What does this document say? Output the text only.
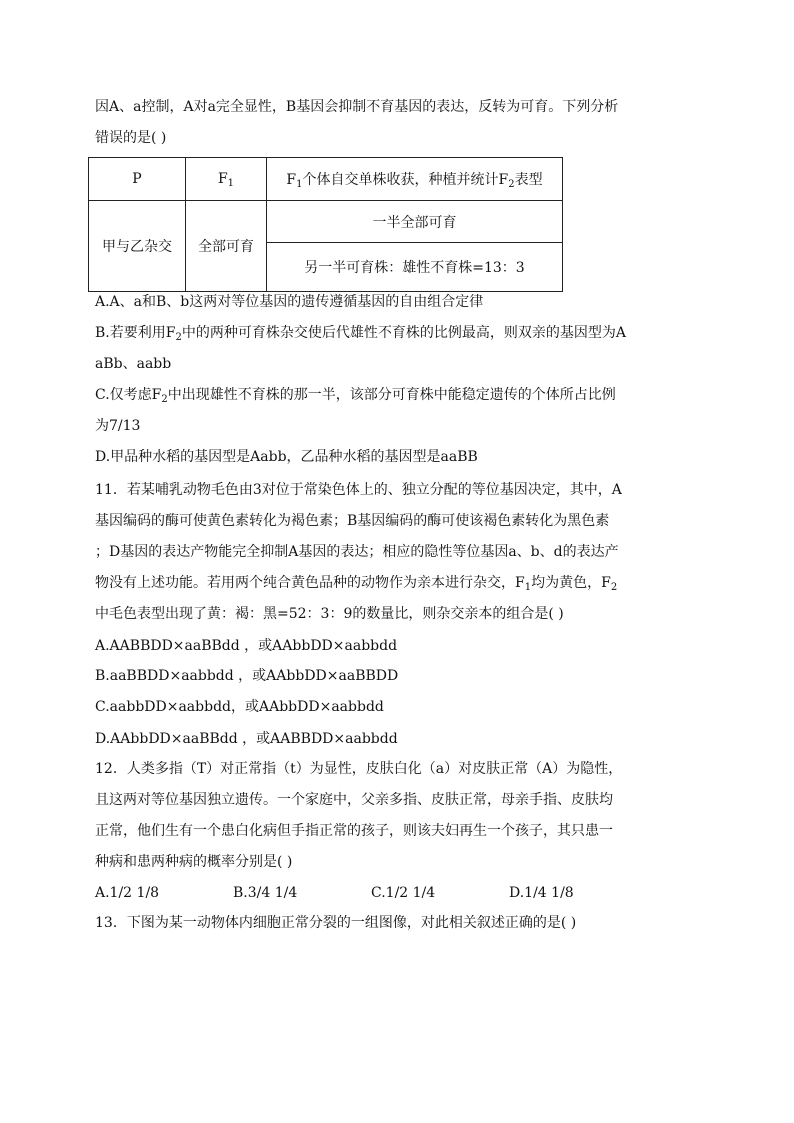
因A、a控制，A对a完全显性，B基因会抑制不育基因的表达，反转为可育。下列分析
错误的是( )
P	$F_1$	$F_1$个体自交单株收获，种植并统计$F_2$表型
甲与乙杂交	全部可育	一半全部可育
		另一半可育株：雄性不育株=13：3
A.A、a和B、b这两对等位基因的遗传遵循基因的自由组合定律
B.若要利用$F_2$中的两种可育株杂交使后代雄性不育株的比例最高，则双亲的基因型为A
aBb、aabb
C.仅考虑$F_2$中出现雄性不育株的那一半，该部分可育株中能稳定遗传的个体所占比例
为7/13
D.甲品种水稻的基因型是Aabb，乙品种水稻的基因型是aaBB
11．若某哺乳动物毛色由3对位于常染色体上的、独立分配的等位基因决定，其中，A
基因编码的酶可使黄色素转化为褐色素；B基因编码的酶可使该褐色素转化为黑色素
；D基因的表达产物能完全抑制A基因的表达；相应的隐性等位基因a、b、d的表达产
物没有上述功能。若用两个纯合黄色品种的动物作为亲本进行杂交，$F_1$均为黄色，$F_2$
中毛色表型出现了黄：褐：黑=52：3：9的数量比，则杂交亲本的组合是( )
A.AABBDD×aaBBdd ，或AAbbDD×aabbdd
B.aaBBDD×aabbdd ，或AAbbDD×aaBBDD
C.aabbDD×aabbdd，或AAbbDD×aabbdd
D.AAbbDD×aaBBdd ，或AABBDD×aabbdd
12．人类多指（T）对正常指（t）为显性，皮肤白化（a）对皮肤正常（A）为隐性，
且这两对等位基因独立遗传。一个家庭中，父亲多指、皮肤正常，母亲手指、皮肤均
正常，他们生有一个患白化病但手指正常的孩子，则该夫妇再生一个孩子，其只患一
种病和患两种病的概率分别是( )
A.1/2 1/8	B.3/4 1/4	C.1/2 1/4	D.1/4 1/8
13．下图为某一动物体内细胞正常分裂的一组图像，对此相关叙述正确的是( )
